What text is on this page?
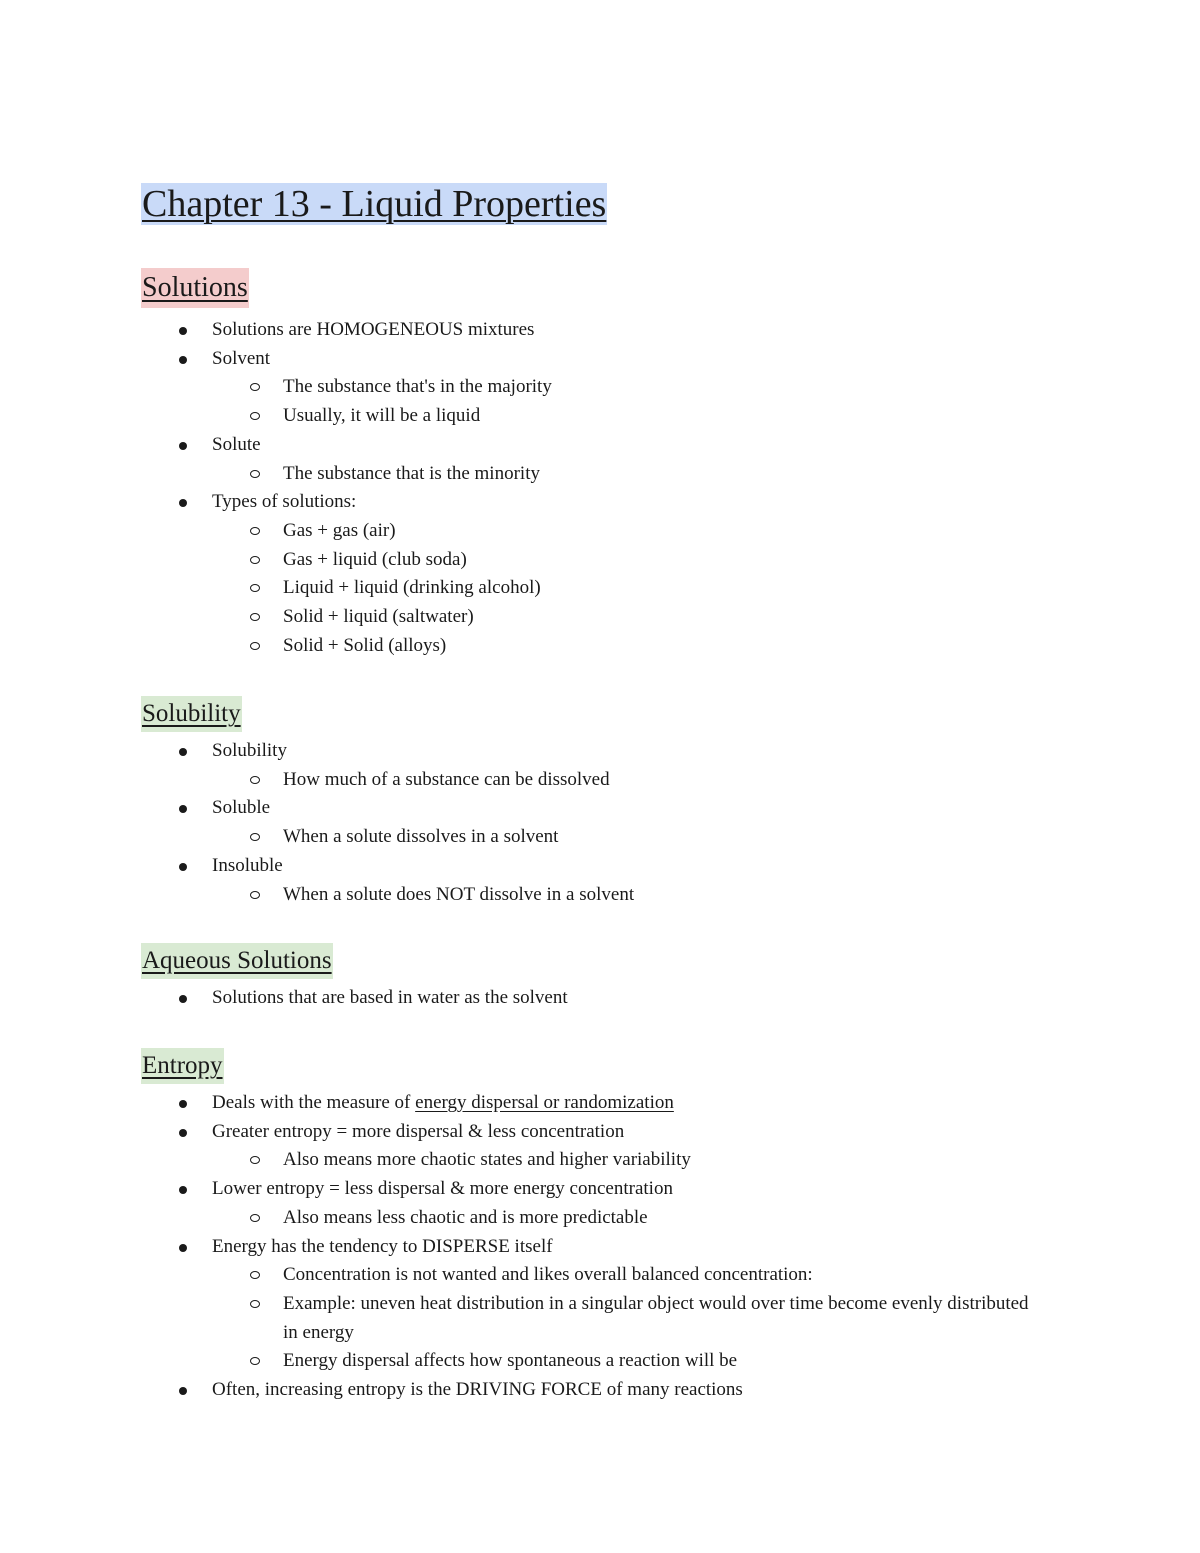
Chapter 13 - Liquid Properties
Solutions
Solutions are HOMOGENEOUS mixtures
Solvent
The substance that's in the majority
Usually, it will be a liquid
Solute
The substance that is the minority
Types of solutions:
Gas + gas (air)
Gas + liquid (club soda)
Liquid + liquid (drinking alcohol)
Solid + liquid (saltwater)
Solid + Solid (alloys)
Solubility
Solubility
How much of a substance can be dissolved
Soluble
When a solute dissolves in a solvent
Insoluble
When a solute does NOT dissolve in a solvent
Aqueous Solutions
Solutions that are based in water as the solvent
Entropy
Deals with the measure of energy dispersal or randomization
Greater entropy = more dispersal & less concentration
Also means more chaotic states and higher variability
Lower entropy = less dispersal & more energy concentration
Also means less chaotic and is more predictable
Energy has the tendency to DISPERSE itself
Concentration is not wanted and likes overall balanced concentration:
Example: uneven heat distribution in a singular object would over time become evenly distributed in energy
Energy dispersal affects how spontaneous a reaction will be
Often, increasing entropy is the DRIVING FORCE of many reactions
